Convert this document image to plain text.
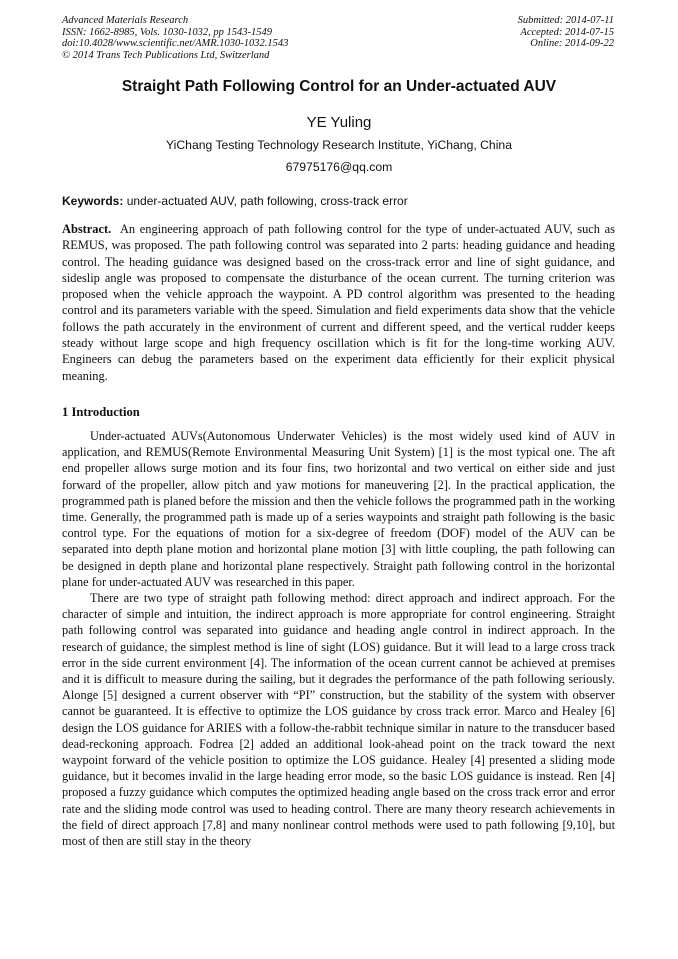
Advanced Materials Research
ISSN: 1662-8985, Vols. 1030-1032, pp 1543-1549
doi:10.4028/www.scientific.net/AMR.1030-1032.1543
© 2014 Trans Tech Publications Ltd, Switzerland
Submitted: 2014-07-11
Accepted: 2014-07-15
Online: 2014-09-22
Straight Path Following Control for an Under-actuated AUV
YE Yuling
YiChang Testing Technology Research Institute, YiChang, China
67975176@qq.com
Keywords: under-actuated AUV, path following, cross-track error

Abstract. An engineering approach of path following control for the type of under-actuated AUV, such as REMUS, was proposed. The path following control was separated into 2 parts: heading guidance and heading control. The heading guidance was designed based on the cross-track error and line of sight guidance, and sideslip angle was proposed to compensate the disturbance of the ocean current. The turning criterion was proposed when the vehicle approach the waypoint. A PD control algorithm was presented to the heading control and its parameters variable with the speed. Simulation and field experiments data show that the vehicle follows the path accurately in the environment of current and different speed, and the vertical rudder keeps steady without large scope and high frequency oscillation which is fit for the long-time working AUV. Engineers can debug the parameters based on the experiment data efficiently for their explicit physical meaning.

1 Introduction

Under-actuated AUVs(Autonomous Underwater Vehicles) is the most widely used kind of AUV in application, and REMUS(Remote Environmental Measuring Unit System) [1] is the most typical one. The aft end propeller allows surge motion and its four fins, two horizontal and two vertical on either side and just forward of the propeller, allow pitch and yaw motions for maneuvering [2]. In the practical application, the programmed path is planed before the mission and then the vehicle follows the programmed path in the working time. Generally, the programmed path is made up of a series waypoints and straight path following is the basic control type. For the equations of motion for a six-degree of freedom (DOF) model of the AUV can be separated into depth plane motion and horizontal plane motion [3] with little coupling, the path following can be designed in depth plane and horizontal plane respectively. Straight path following control in the horizontal plane for under-actuated AUV was researched in this paper.

There are two type of straight path following method: direct approach and indirect approach. For the character of simple and intuition, the indirect approach is more appropriate for control engineering. Straight path following control was separated into guidance and heading angle control in indirect approach. In the research of guidance, the simplest method is line of sight (LOS) guidance. But it will lead to a large cross track error in the side current environment [4]. The information of the ocean current cannot be achieved at premises and it is difficult to measure during the sailing, but it degrades the performance of the path following seriously. Alonge [5] designed a current observer with “PI” construction, but the stability of the system with observer cannot be guaranteed. It is effective to optimize the LOS guidance by cross track error. Marco and Healey [6] design the LOS guidance for ARIES with a follow-the-rabbit technique similar in nature to the transducer based dead-reckoning approach. Fodrea [2] added an additional look-ahead point on the track toward the next waypoint forward of the vehicle position to optimize the LOS guidance. Healey [4] presented a sliding mode guidance, but it becomes invalid in the large heading error mode, so the basic LOS guidance is instead. Ren [4] proposed a fuzzy guidance which computes the optimized heading angle based on the cross track error and error rate and the sliding mode control was used to heading control. There are many theory research achievements in the field of direct approach [7,8] and many nonlinear control methods were used to path following [9,10], but most of then are still stay in the theory
